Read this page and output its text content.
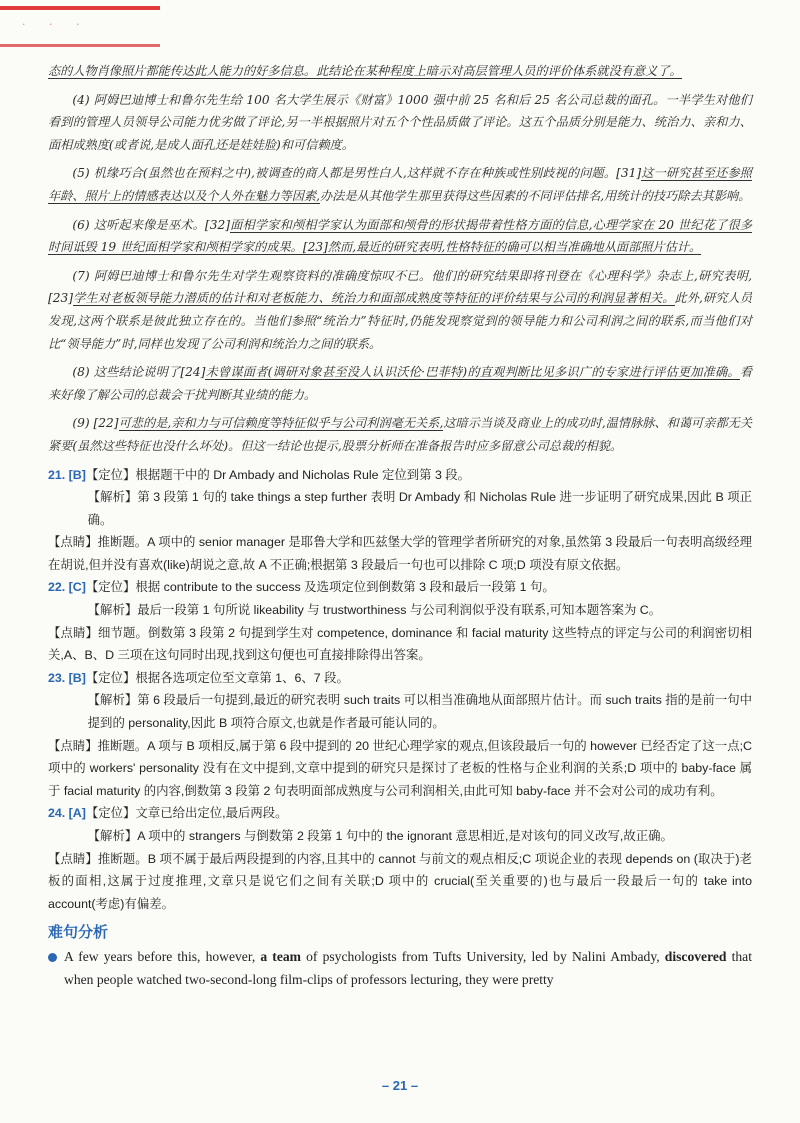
· · ·

态的人物肖像照片都能传达此人能力的好多信息。此结论在某种程度上暗示对高层管理人员的评价体系就没有意义了。

(4) 阿姆巴迪博士和鲁尔先生给 100 名大学生展示《财富》1000 强中前 25 名和后 25 名公司总裁的面孔。一半学生对他们看到的管理人员领导公司能力优劣做了评论,另一半根据照片对五个个性品质做了评论。这五个品质分别是能力、统治力、亲和力、面相成熟度(或者说,是成人面孔还是娃娃脸)和可信赖度。

(5) 机缘巧合(虽然也在预料之中),被调查的商人都是男性白人,这样就不存在种族或性别歧视的问题。[31]这一研究甚至还参照年龄、照片上的情感表达以及个人外在魅力等因素,办法是从其他学生那里获得这些因素的不同评估排名,用统计的技巧除去其影响。

(6) 这听起来像是巫术。[32]面相学家和颅相学家认为面部和颅骨的形状揭带着性格方面的信息,心理学家在 20 世纪花了很多时间诋毁 19 世纪面相学家和颅相学家的成果。[23]然而,最近的研究表明,性格特征的确可以相当准确地从面部照片估计。

(7) 阿姆巴迪博士和鲁尔先生对学生观察资料的准确度惊叹不已。他们的研究结果即将刊登在《心理科学》杂志上,研究表明,[23]学生对老板领导能力潜质的估计和对老板能力、统治力和面部成熟度等特征的评价结果与公司的利润显著相关。此外,研究人员发现,这两个联系是彼此独立存在的。当他们参照“统治力”特征时,仍能发现察觉到的领导能力和公司利润之间的联系,而当他们对比“领导能力”时,同样也发现了公司利润和统治力之间的联系。

(8) 这些结论说明了[24]未曾谋面者(调研对象甚至没人认识沃伦·巴菲特)的直观判断比见多识广的专家进行评估更加准确。看来好像了解公司的总裁会干扰判断其业绩的能力。

(9) [22]可悲的是,亲和力与可信赖度等特征似乎与公司利润毫无关系,这暗示当谈及商业上的成功时,温情脉脉、和蔼可亲都无关紧要(虽然这些特征也没什么坏处)。但这一结论也提示,股票分析师在准备报告时应多留意公司总裁的相貌。

21. [B]【定位】根据题干中的 Dr Ambady and Nicholas Rule 定位到第 3 段。

【解析】第 3 段第 1 句的 take things a step further 表明 Dr Ambady 和 Nicholas Rule 进一步证明了研究成果,因此 B 项正确。

【点睛】推断题。A 项中的 senior manager 是耶鲁大学和匹兹堡大学的管理学者所研究的对象,虽然第 3 段最后一句表明高级经理在胡说,但并没有喜欢(like)胡说之意,故 A 不正确;根据第 3 段最后一句也可以排除 C 项;D 项没有原文依据。

22. [C]【定位】根据 contribute to the success 及选项定位到倒数第 3 段和最后一段第 1 句。

【解析】最后一段第 1 句所说 likeability 与 trustworthiness 与公司利润似乎没有联系,可知本题答案为 C。

【点睛】细节题。倒数第 3 段第 2 句提到学生对 competence, dominance 和 facial maturity 这些特点的评定与公司的利润密切相关,A、B、D 三项在这句同时出现,找到这句便也可直接排除得出答案。

23. [B]【定位】根据各选项定位至文章第 1、6、7 段。

【解析】第 6 段最后一句提到,最近的研究表明 such traits 可以相当准确地从面部照片估计。而 such traits 指的是前一句中提到的 personality,因此 B 项符合原文,也就是作者最可能认同的。

【点睛】推断题。A 项与 B 项相反,属于第 6 段中提到的 20 世纪心理学家的观点,但该段最后一句的 however 已经否定了这一点;C 项中的 workers' personality 没有在文中提到,文章中提到的研究只是探讨了老板的性格与企业利润的关系;D 项中的 baby-face 属于 facial maturity 的内容,倒数第 3 段第 2 句表明面部成熟度与公司利润相关,由此可知 baby-face 并不会对公司的成功有利。

24. [A]【定位】文章已给出定位,最后两段。

【解析】A 项中的 strangers 与倒数第 2 段第 1 句中的 the ignorant 意思相近,是对该句的同义改写,故正确。

【点睛】推断题。B 项不属于最后两段提到的内容,且其中的 cannot 与前文的观点相反;C 项说企业的表现 depends on (取决于)老板的面相,这属于过度推理,文章只是说它们之间有关联;D 项中的 crucial(至关重要的)也与最后一段最后一句的 take into account(考虑)有偏差。

难句分析

A few years before this, however, a team of psychologists from Tufts University, led by Nalini Ambady, discovered that when people watched two-second-long film-clips of professors lecturing, they were pretty

– 21 –
